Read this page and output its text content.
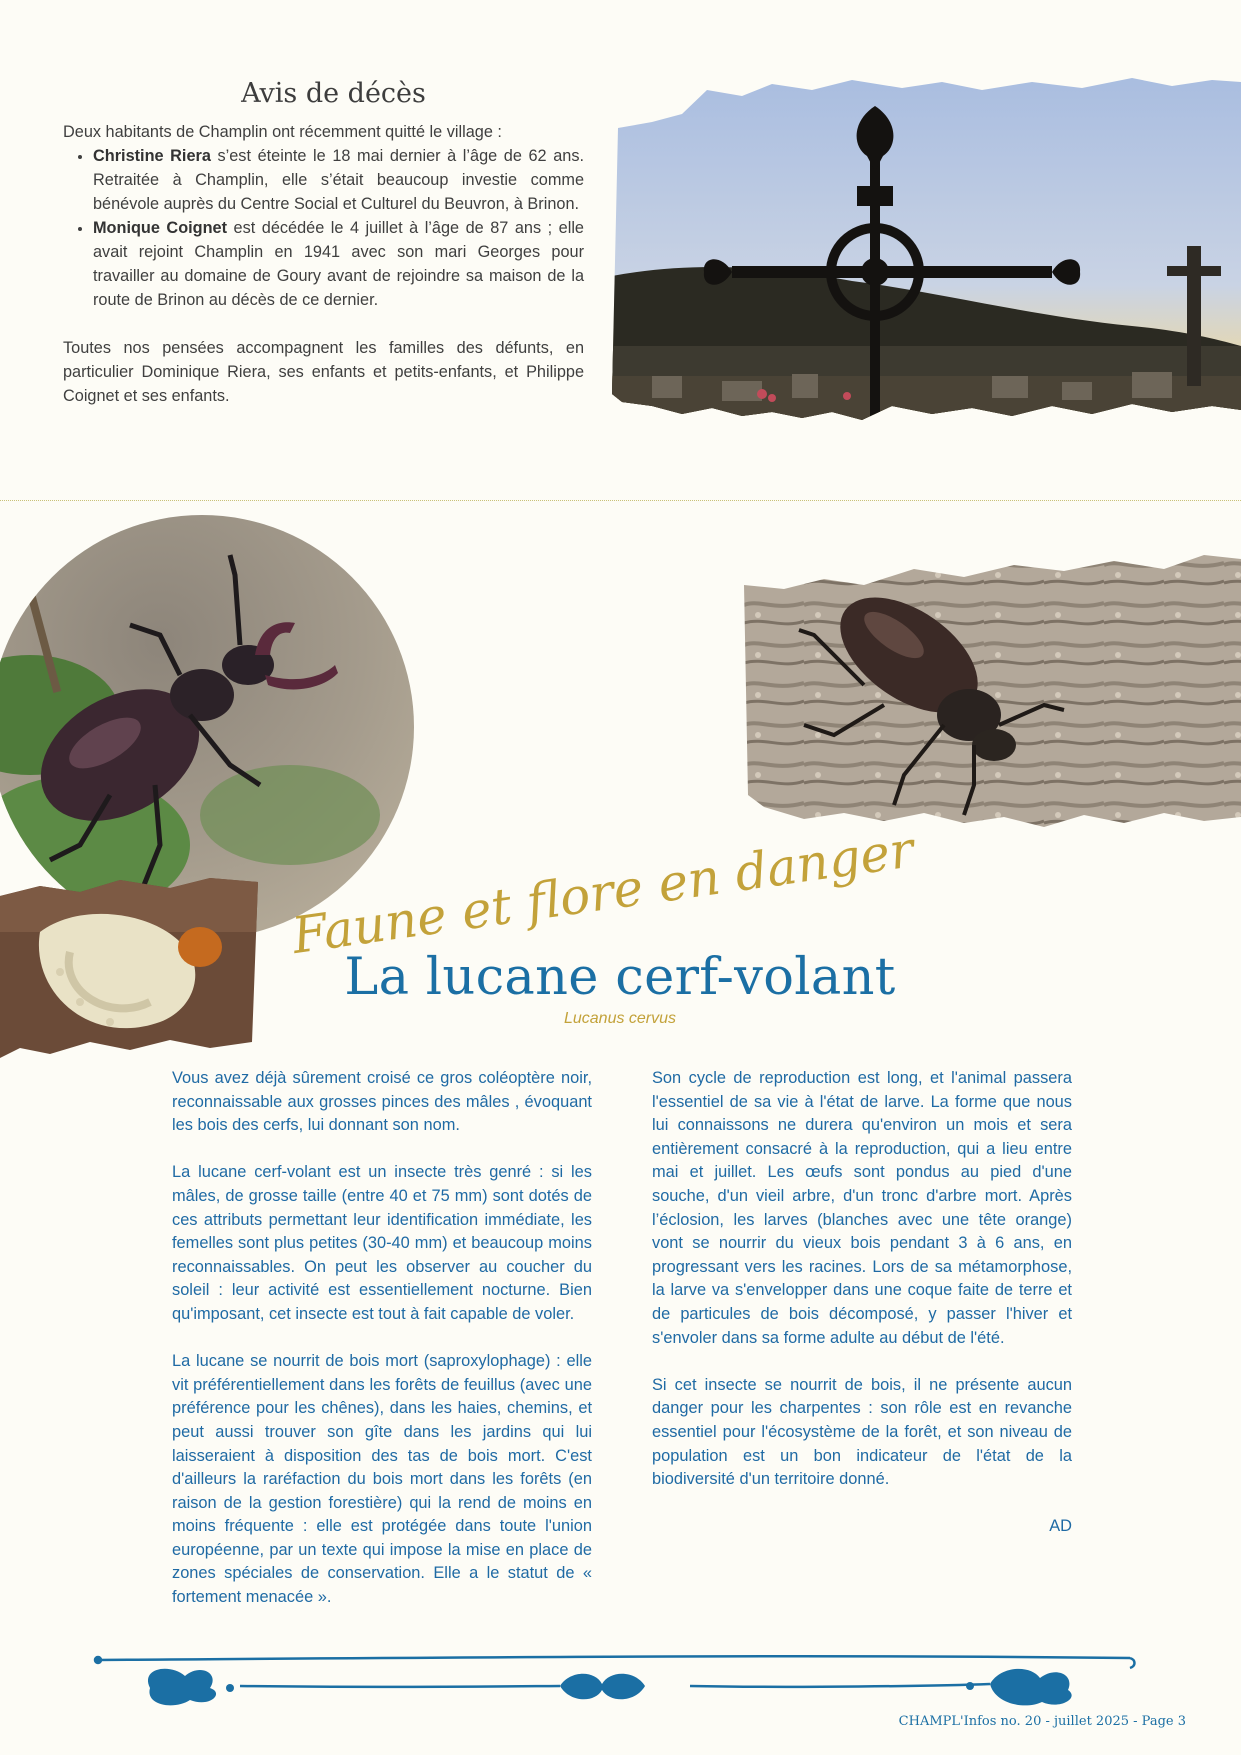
Avis de décès

Deux habitants de Champlin ont récemment quitté le village :

• Christine Riera s’est éteinte le 18 mai dernier à l’âge de 62 ans. Retraitée à Champlin, elle s’était beaucoup investie comme bénévole auprès du Centre Social et Culturel du Beuvron, à Brinon.
• Monique Coignet est décédée le 4 juillet à l’âge de 87 ans ; elle avait rejoint Champlin en 1941 avec son mari Georges pour travailler au domaine de Goury avant de rejoindre sa maison de la route de Brinon au décès de ce dernier.

Toutes nos pensées accompagnent les familles des défunts, en particulier Dominique Riera, ses enfants et petits-enfants, et Philippe Coignet et ses enfants.

Faune et flore en danger
La lucane cerf-volant
Lucanus cervus

Vous avez déjà sûrement croisé ce gros coléoptère noir, reconnaissable aux grosses pinces des mâles , évoquant les bois des cerfs, lui donnant son nom.

La lucane cerf-volant est un insecte très genré : si les mâles, de grosse taille (entre 40 et 75 mm) sont dotés de ces attributs permettant leur identification immédiate, les femelles sont plus petites (30-40 mm) et beaucoup moins reconnaissables. On peut les observer au coucher du soleil : leur activité est essentiellement nocturne. Bien qu'imposant, cet insecte est tout à fait capable de voler.

La lucane se nourrit de bois mort (saproxylophage) : elle vit préférentiellement dans les forêts de feuillus (avec une préférence pour les chênes), dans les haies, chemins, et peut aussi trouver son gîte dans les jardins qui lui laisseraient à disposition des tas de bois mort. C'est d'ailleurs la raréfaction du bois mort dans les forêts (en raison de la gestion forestière) qui la rend de moins en moins fréquente : elle est protégée dans toute l'union européenne, par un texte qui impose la mise en place de zones spéciales de conservation. Elle a le statut de « fortement menacée ».

Son cycle de reproduction est long, et l'animal passera l'essentiel de sa vie à l'état de larve. La forme que nous lui connaissons ne durera qu'environ un mois et sera entièrement consacré à la reproduction, qui a lieu entre mai et juillet. Les œufs sont pondus au pied d'une souche, d'un vieil arbre, d'un tronc d'arbre mort. Après l’éclosion, les larves (blanches avec une tête orange) vont se nourrir du vieux bois pendant 3 à 6 ans, en progressant vers les racines. Lors de sa métamorphose, la larve va s'envelopper dans une coque faite de terre et de particules de bois décomposé, y passer l'hiver et s'envoler dans sa forme adulte au début de l'été.

Si cet insecte se nourrit de bois, il ne présente aucun danger pour les charpentes : son rôle est en revanche essentiel pour l'écosystème de la forêt, et son niveau de population est un bon indicateur de l'état de la biodiversité d'un territoire donné.

AD

CHAMPL'Infos no. 20 - juillet 2025 - Page 3
